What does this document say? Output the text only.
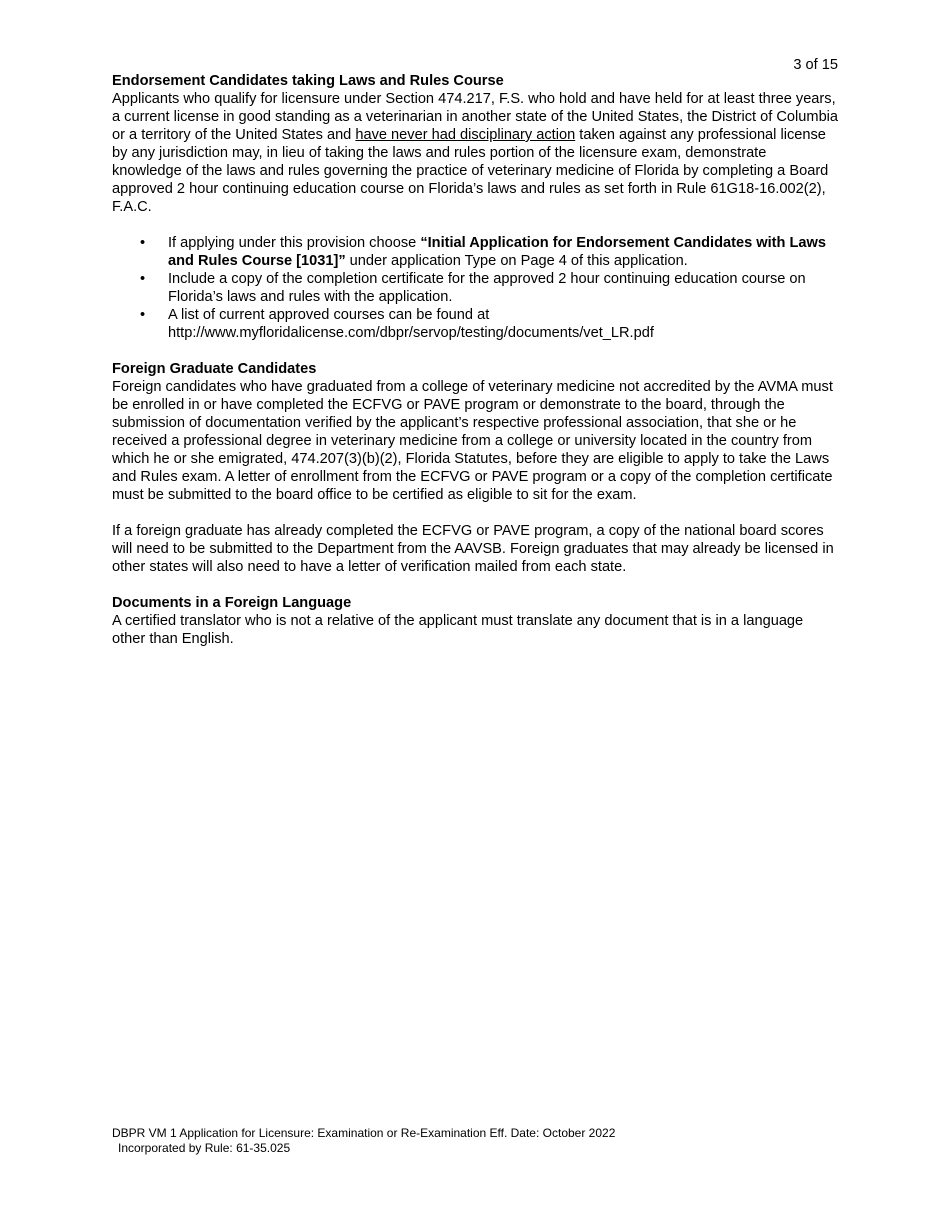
3 of 15
Endorsement Candidates taking Laws and Rules Course

Applicants who qualify for licensure under Section 474.217, F.S. who hold and have held for at least three years, a current license in good standing as a veterinarian in another state of the United States, the District of Columbia or a territory of the United States and have never had disciplinary action taken against any professional license by any jurisdiction may, in lieu of taking the laws and rules portion of the licensure exam, demonstrate knowledge of the laws and rules governing the practice of veterinary medicine of Florida by completing a Board approved 2 hour continuing education course on Florida’s laws and rules as set forth in Rule 61G18-16.002(2), F.A.C.

• If applying under this provision choose “Initial Application for Endorsement Candidates with Laws and Rules Course [1031]” under application Type on Page 4 of this application.
• Include a copy of the completion certificate for the approved 2 hour continuing education course on Florida’s laws and rules with the application.
• A list of current approved courses can be found at
http://www.myfloridalicense.com/dbpr/servop/testing/documents/vet_LR.pdf
Foreign Graduate Candidates

Foreign candidates who have graduated from a college of veterinary medicine not accredited by the AVMA must be enrolled in or have completed the ECFVG or PAVE program or demonstrate to the board, through the submission of documentation verified by the applicant’s respective professional association, that she or he received a professional degree in veterinary medicine from a college or university located in the country from which he or she emigrated, 474.207(3)(b)(2), Florida Statutes, before they are eligible to apply to take the Laws and Rules exam. A letter of enrollment from the ECFVG or PAVE program or a copy of the completion certificate must be submitted to the board office to be certified as eligible to sit for the exam.

If a foreign graduate has already completed the ECFVG or PAVE program, a copy of the national board scores will need to be submitted to the Department from the AAVSB. Foreign graduates that may already be licensed in other states will also need to have a letter of verification mailed from each state.

Documents in a Foreign Language

A certified translator who is not a relative of the applicant must translate any document that is in a language other than English.

DBPR VM 1 Application for Licensure: Examination or Re-Examination Eff. Date: October 2022
Incorporated by Rule: 61-35.025
